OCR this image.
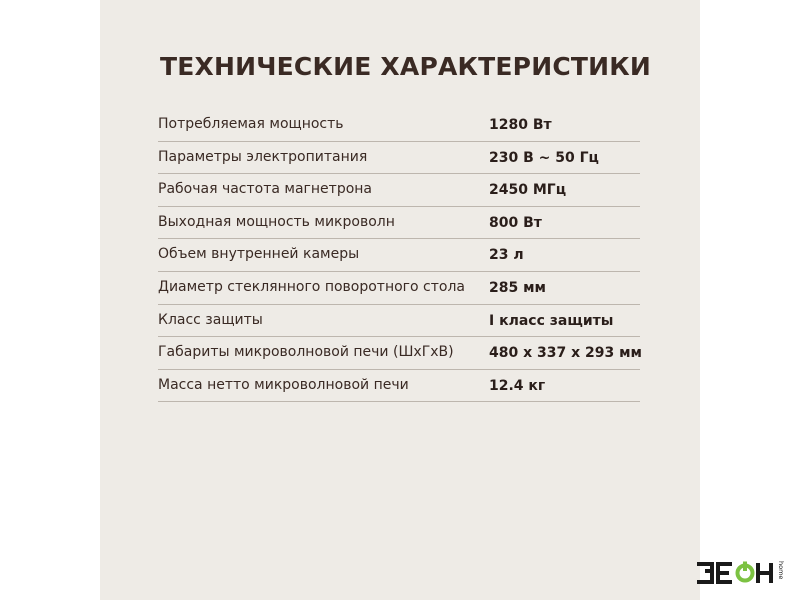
ТЕХНИЧЕСКИЕ ХАРАКТЕРИСТИКИ
Потребляемая мощность	1280 Вт
Параметры электропитания	230 В ~ 50 Гц
Рабочая частота магнетрона	2450 МГц
Выходная мощность микроволн	800 Вт
Объем внутренней камеры	23 л
Диаметр стеклянного поворотного стола 285 мм
Класс защиты	I класс защиты
Габариты микроволновой печи (ШхГхВ)	480 х 337 х 293 мм
Масса нетто микроволновой печи	12.4 кг
home
